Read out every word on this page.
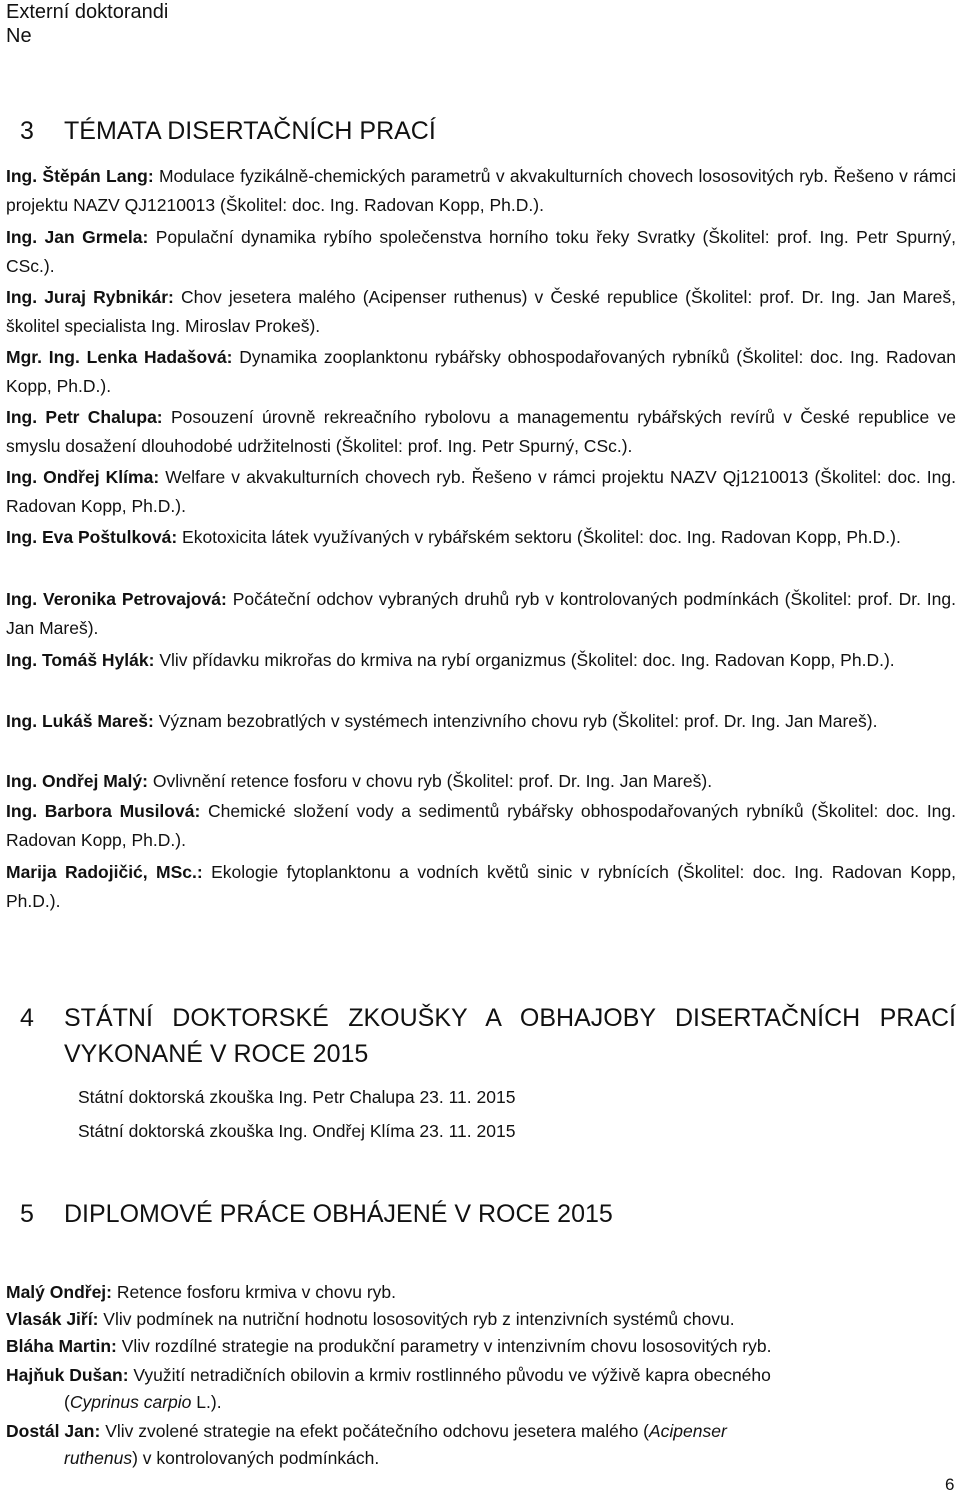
Externí doktorandi
Ne
3 TÉMATA DISERTAČNÍCH PRACÍ
Ing. Štěpán Lang: Modulace fyzikálně-chemických parametrů v akvakulturních chovech lososovitých ryb. Řešeno v rámci projektu NAZV QJ1210013 (Školitel: doc. Ing. Radovan Kopp, Ph.D.).
Ing. Jan Grmela: Populační dynamika rybího společenstva horního toku řeky Svratky (Školitel: prof. Ing. Petr Spurný, CSc.).
Ing. Juraj Rybnikár: Chov jesetera malého (Acipenser ruthenus) v České republice (Školitel: prof. Dr. Ing. Jan Mareš, školitel specialista Ing. Miroslav Prokeš).
Mgr. Ing. Lenka Hadašová: Dynamika zooplanktonu rybářsky obhospodařovaných rybníků (Školitel: doc. Ing. Radovan Kopp, Ph.D.).
Ing. Petr Chalupa: Posouzení úrovně rekreačního rybolovu a managementu rybářských revírů v České republice ve smyslu dosažení dlouhodobé udržitelnosti (Školitel: prof. Ing. Petr Spurný, CSc.).
Ing. Ondřej Klíma: Welfare v akvakulturních chovech ryb. Řešeno v rámci projektu NAZV Qj1210013 (Školitel: doc. Ing. Radovan Kopp, Ph.D.).
Ing. Eva Poštulková: Ekotoxicita látek využívaných v rybářském sektoru (Školitel: doc. Ing. Radovan Kopp, Ph.D.).
Ing. Veronika Petrovajová: Počáteční odchov vybraných druhů ryb v kontrolovaných podmínkách (Školitel: prof. Dr. Ing. Jan Mareš).
Ing. Tomáš Hylák: Vliv přídavku mikrořas do krmiva na rybí organizmus (Školitel: doc. Ing. Radovan Kopp, Ph.D.).
Ing. Lukáš Mareš: Význam bezobratlých v systémech intenzivního chovu ryb (Školitel: prof. Dr. Ing. Jan Mareš).
Ing. Ondřej Malý: Ovlivnění retence fosforu v chovu ryb (Školitel: prof. Dr. Ing. Jan Mareš).
Ing. Barbora Musilová: Chemické složení vody a sedimentů rybářsky obhospodařovaných rybníků (Školitel: doc. Ing. Radovan Kopp, Ph.D.).
Marija Radojičić, MSc.: Ekologie fytoplanktonu a vodních květů sinic v rybnících (Školitel: doc. Ing. Radovan Kopp, Ph.D.).
4 STÁTNÍ DOKTORSKÉ ZKOUŠKY A OBHAJOBY DISERTAČNÍCH PRACÍ
VYKONANÉ V ROCE 2015
Státní doktorská zkouška Ing. Petr Chalupa 23. 11. 2015
Státní doktorská zkouška Ing. Ondřej Klíma 23. 11. 2015
5 DIPLOMOVÉ PRÁCE OBHÁJENÉ V ROCE 2015
Malý Ondřej: Retence fosforu krmiva v chovu ryb.
Vlasák Jiří: Vliv podmínek na nutriční hodnotu lososovitých ryb z intenzivních systémů chovu.
Bláha Martin: Vliv rozdílné strategie na produkční parametry v intenzivním chovu lososovitých ryb.
Hajňuk Dušan: Využití netradičních obilovin a krmiv rostlinného původu ve výživě kapra obecného
(Cyprinus carpio L.).
Dostál Jan: Vliv zvolené strategie na efekt počátečního odchovu jesetera malého (Acipenser
ruthenus) v kontrolovaných podmínkách.
6
